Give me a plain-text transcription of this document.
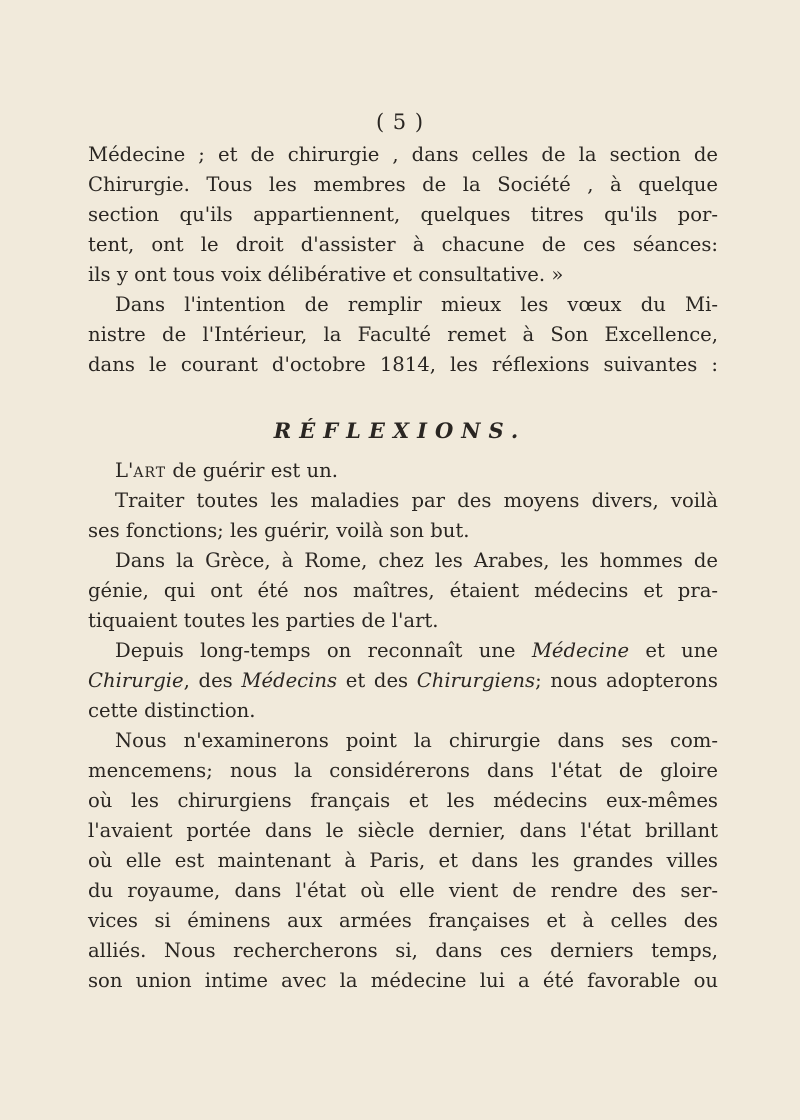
( 5 )
Médecine ; et de chirurgie , dans celles de la section de
Chirurgie. Tous les membres de la Société , à quelque
section qu'ils appartiennent, quelques titres qu'ils por-
tent, ont le droit d'assister à chacune de ces séances:
ils y ont tous voix délibérative et consultative. »
Dans l'intention de remplir mieux les vœux du Mi-
nistre de l'Intérieur, la Faculté remet à Son Excellence,
dans le courant d'octobre 1814, les réflexions suivantes :
RÉFLEXIONS.
L'art de guérir est un.
Traiter toutes les maladies par des moyens divers, voilà
ses fonctions; les guérir, voilà son but.
Dans la Grèce, à Rome, chez les Arabes, les hommes de
génie, qui ont été nos maîtres, étaient médecins et pra-
tiquaient toutes les parties de l'art.
Depuis long-temps on reconnaît une Médecine et une
Chirurgie, des Médecins et des Chirurgiens; nous adopterons
cette distinction.
Nous n'examinerons point la chirurgie dans ses com-
mencemens; nous la considérerons dans l'état de gloire
où les chirurgiens français et les médecins eux-mêmes
l'avaient portée dans le siècle dernier, dans l'état brillant
où elle est maintenant à Paris, et dans les grandes villes
du royaume, dans l'état où elle vient de rendre des ser-
vices si éminens aux armées françaises et à celles des
alliés. Nous rechercherons si, dans ces derniers temps,
son union intime avec la médecine lui a été favorable ou
